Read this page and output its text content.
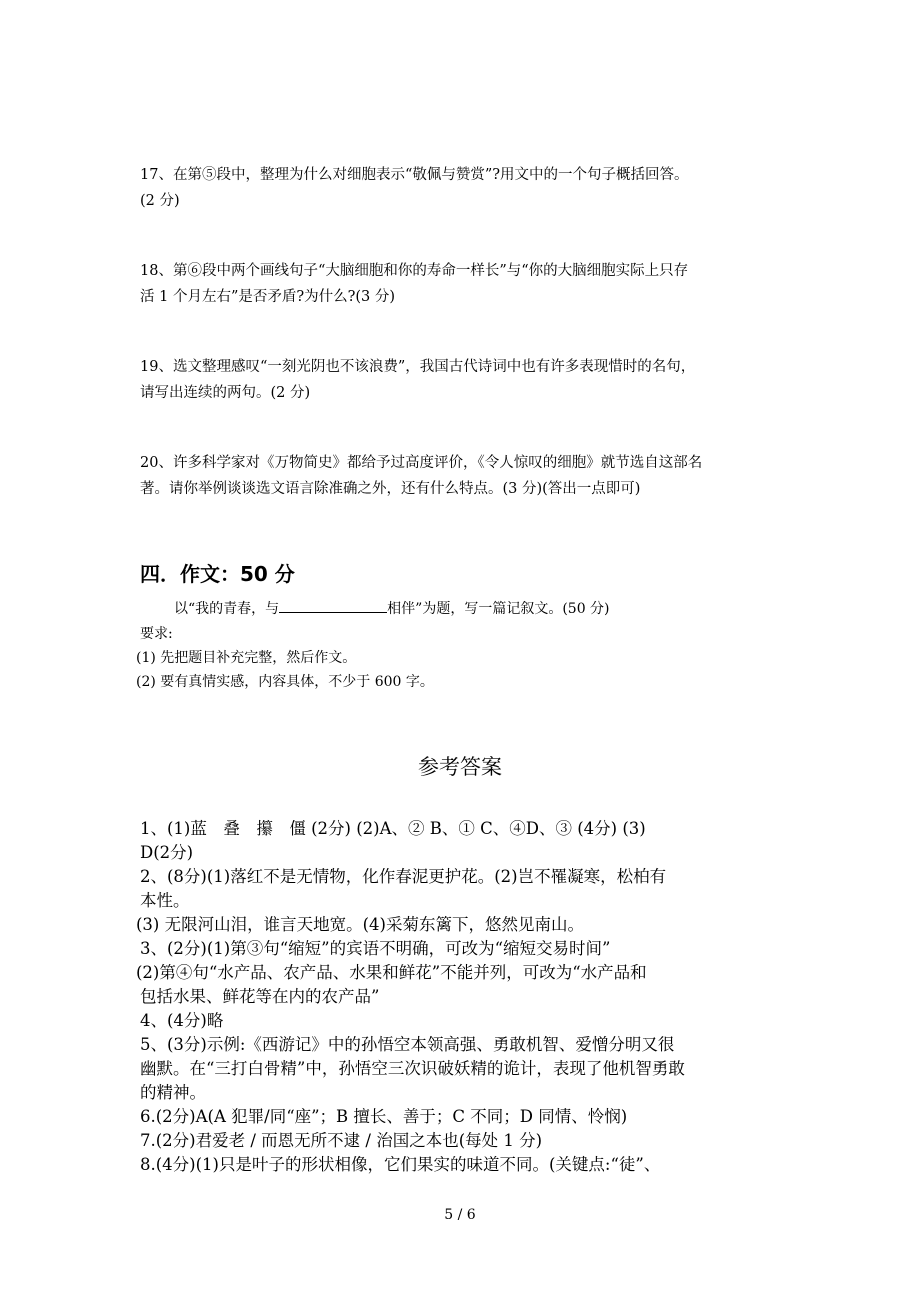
17、在第⑤段中，整理为什么对细胞表示“敬佩与赞赏”?用文中的一个句子概括回答。
(2 分)
18、第⑥段中两个画线句子“大脑细胞和你的寿命一样长”与“你的大脑细胞实际上只存
活 1 个月左右”是否矛盾?为什么?(3 分)
19、选文整理感叹“一刻光阴也不该浪费”，我国古代诗词中也有许多表现惜时的名句，
请写出连续的两句。(2 分)
20、许多科学家对《万物简史》都给予过高度评价，《令人惊叹的细胞》就节选自这部名
著。请你举例谈谈选文语言除准确之外，还有什么特点。(3 分)(答出一点即可)
四．作文：50 分
以“我的青春，与	相伴”为题，写一篇记叙文。(50 分)
要求:
(1) 先把题目补充完整，然后作文。
(2) 要有真情实感，内容具体，不少于 600 字。
参考答案
1、(1)蓝　叠　攥　僵 (2分) (2)A、② B、① C、④D、③ (4分) (3)
D(2分)
2、(8分)(1)落红不是无情物，化作春泥更护花。(2)岂不罹凝寒，松柏有
本性。
(3) 无限河山泪，谁言天地宽。(4)采菊东篱下，悠然见南山。
3、(2分)(1)第③句“缩短”的宾语不明确，可改为“缩短交易时间”
(2)第④句“水产品、农产品、水果和鲜花”不能并列，可改为“水产品和
包括水果、鲜花等在内的农产品”
4、(4分)略
5、(3分)示例:《西游记》中的孙悟空本领高强、勇敢机智、爱憎分明又很
幽默。在“三打白骨精”中，孙悟空三次识破妖精的诡计，表现了他机智勇敢
的精神。
6.(2分)A(A 犯罪/同“座”；B 擅长、善于；C 不同；D 同情、怜悯)
7.(2分)君爱老 / 而恩无所不逮 / 治国之本也(每处 1 分)
8.(4分)(1)只是叶子的形状相像，它们果实的味道不同。(关键点:“徒”、
5 / 6
